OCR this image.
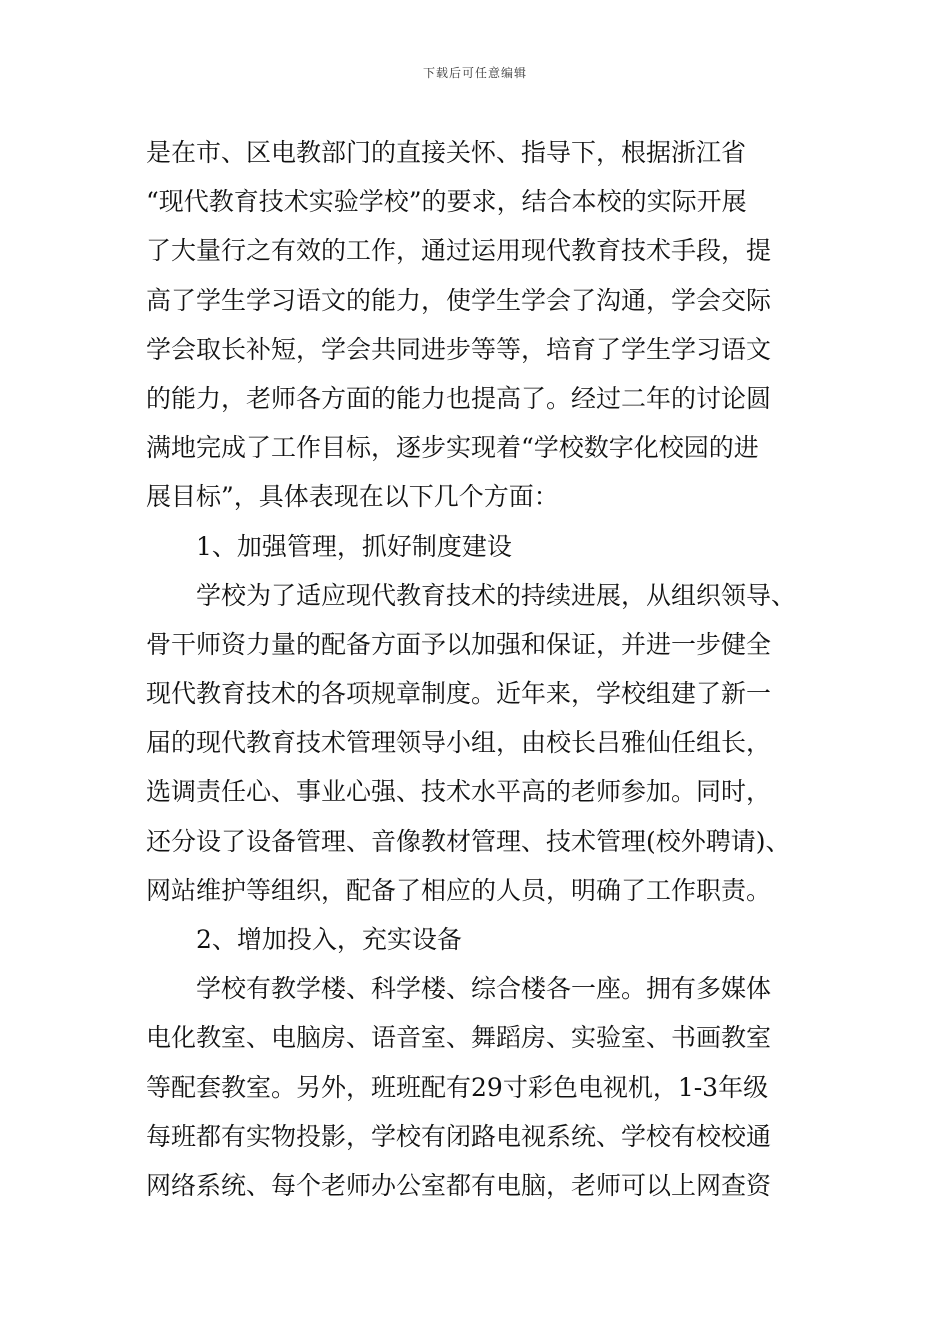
下载后可任意编辑
是在市、区电教部门的直接关怀、指导下，根据浙江省
“现代教育技术实验学校”的要求，结合本校的实际开展
了大量行之有效的工作，通过运用现代教育技术手段，提
高了学生学习语文的能力，使学生学会了沟通，学会交际
学会取长补短，学会共同进步等等，培育了学生学习语文
的能力，老师各方面的能力也提高了。经过二年的讨论圆
满地完成了工作目标，逐步实现着“学校数字化校园的进
展目标”，具体表现在以下几个方面：
1、加强管理，抓好制度建设
学校为了适应现代教育技术的持续进展，从组织领导、
骨干师资力量的配备方面予以加强和保证，并进一步健全
现代教育技术的各项规章制度。近年来，学校组建了新一
届的现代教育技术管理领导小组，由校长吕雅仙任组长，
选调责任心、事业心强、技术水平高的老师参加。同时，
还分设了设备管理、音像教材管理、技术管理(校外聘请)、
网站维护等组织，配备了相应的人员，明确了工作职责。
2、增加投入，充实设备
学校有教学楼、科学楼、综合楼各一座。拥有多媒体
电化教室、电脑房、语音室、舞蹈房、实验室、书画教室
等配套教室。另外，班班配有29寸彩色电视机，1-3年级
每班都有实物投影，学校有闭路电视系统、学校有校校通
网络系统、每个老师办公室都有电脑，老师可以上网查资
